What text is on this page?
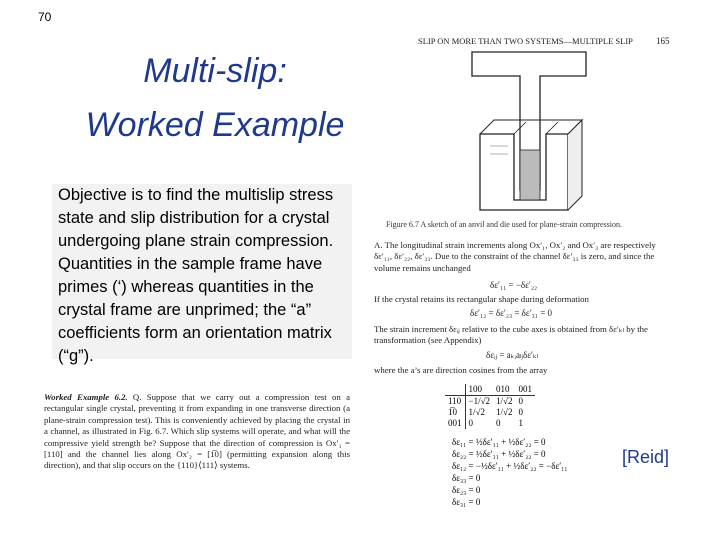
70
Multi-slip:
Worked Example

Objective is to find the multislip stress state and slip distribution for a crystal undergoing plane strain compression. Quantities in the sample frame have primes (‘) whereas quantities in the crystal frame are unprimed; the “a” coefficients form an orientation matrix (“g”).

SLIP ON MORE THAN TWO SYSTEMS—MULTIPLE SLIP	165
Figure 6.7 A sketch of an anvil and die used for plane-strain compression.
A. The longitudinal strain increments along Ox′₁, Ox′₂ and Ox′₃ are respectively δε′₁₁, δε′₂₂, δε′₃₃. Due to the constraint of the channel δε′₃₃ is zero, and since the volume remains unchanged
δε′₁₁ = −δε′₂₂
If the crystal retains its rectangular shape during deformation
δε′₁₂ = δε′₂₃ = δε′₃₁ = 0
The strain increment δεᵢⱼ relative to the cube axes is obtained from δε′ₖₗ by the transformation (see Appendix)
δεᵢⱼ = aₖᵢaₗⱼδε′ₖₗ
where the a’s are direction cosines from the array
	100	010	001
110	−1/√2	1/√2	0
1̅0	1/√2	1/√2	0
001	0	0	1
δε₁₁ = ½δε′₁₁ + ½δε′₂₂ = 0
δε₂₂ = ½δε′₁₁ + ½δε′₂₂ = 0
δε₁₂ = −½δε′₁₁ + ½δε′₂₂ = −δε′₁₁
δε₃₃ = 0
δε₂₃ = 0
δε₃₁ = 0
Worked Example 6.2. Q. Suppose that we carry out a compression test on a rectangular single crystal, preventing it from expanding in one transverse direction (a plane-strain compression test). This is conveniently achieved by placing the crystal in a channel, as illustrated in Fig. 6.7. Which slip systems will operate, and what will the compressive yield strength be? Suppose that the direction of compression is Ox′₁ = [110] and the channel lies along Ox′₂ = [1̅0] (permitting expansion along this direction), and that slip occurs on the {110}⟨111⟩ systems.	[Reid]
